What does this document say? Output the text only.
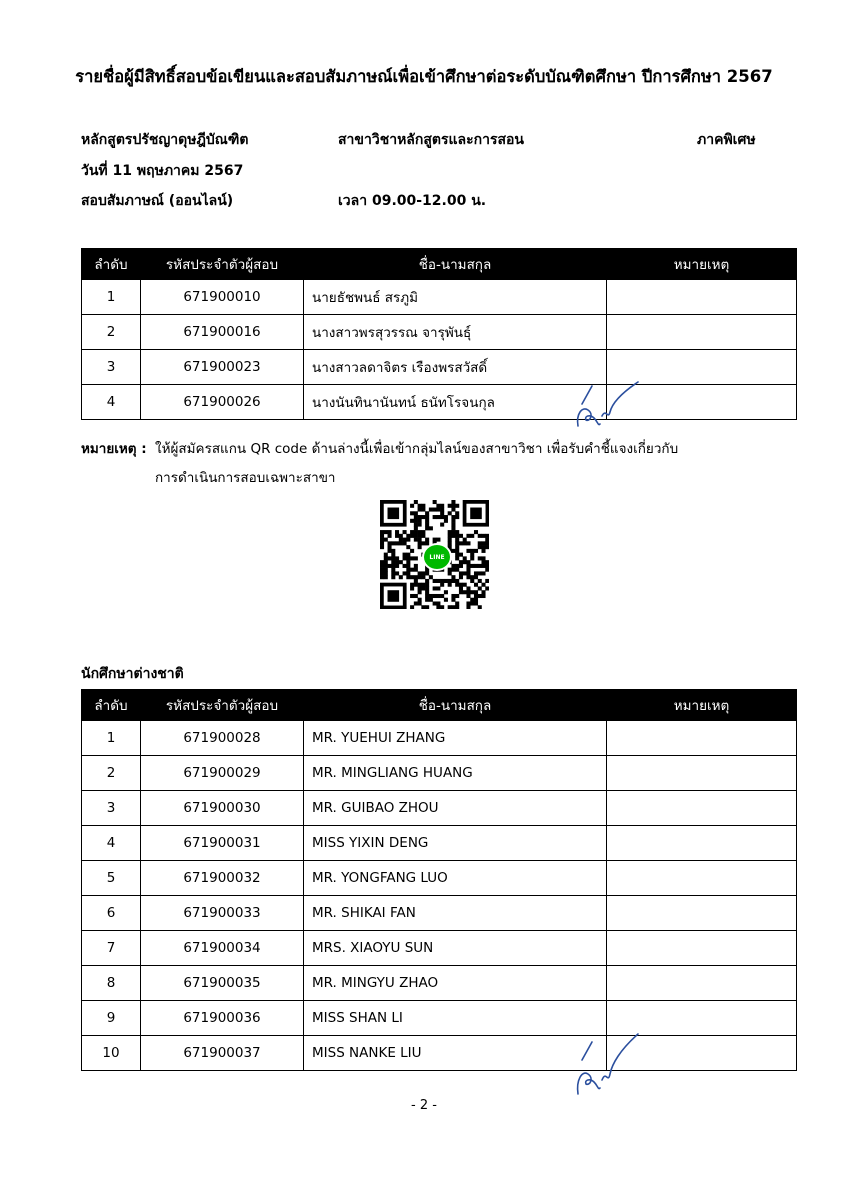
รายชื่อผู้มีสิทธิ์สอบข้อเขียนและสอบสัมภาษณ์เพื่อเข้าศึกษาต่อระดับบัณฑิตศึกษา ปีการศึกษา 2567
หลักสูตรปรัชญาดุษฎีบัณฑิต	สาขาวิชาหลักสูตรและการสอน	ภาคพิเศษ
วันที่ 11 พฤษภาคม 2567
สอบสัมภาษณ์ (ออนไลน์)	เวลา 09.00-12.00 น.
ลำดับ	รหัสประจำตัวผู้สอบ	ชื่อ-นามสกุล	หมายเหตุ
1	671900010	นายธัชพนธ์ สรภูมิ	
2	671900016	นางสาวพรสุวรรณ จารุพันธุ์	
3	671900023	นางสาวลดาจิตร เรืองพรสวัสดิ์	
4	671900026	นางนันทินานันทน์ ธนัทโรจนกุล	
หมายเหตุ : ให้ผู้สมัครสแกน QR code ด้านล่างนี้เพื่อเข้ากลุ่มไลน์ของสาขาวิชา เพื่อรับคำชี้แจงเกี่ยวกับ
การดำเนินการสอบเฉพาะสาขา
LINE
นักศึกษาต่างชาติ
ลำดับ	รหัสประจำตัวผู้สอบ	ชื่อ-นามสกุล	หมายเหตุ
1	671900028	MR. YUEHUI ZHANG	
2	671900029	MR. MINGLIANG HUANG	
3	671900030	MR. GUIBAO ZHOU	
4	671900031	MISS YIXIN DENG	
5	671900032	MR. YONGFANG LUO	
6	671900033	MR. SHIKAI FAN	
7	671900034	MRS. XIAOYU SUN	
8	671900035	MR. MINGYU ZHAO	
9	671900036	MISS SHAN LI	
10	671900037	MISS NANKE LIU	
- 2 -
